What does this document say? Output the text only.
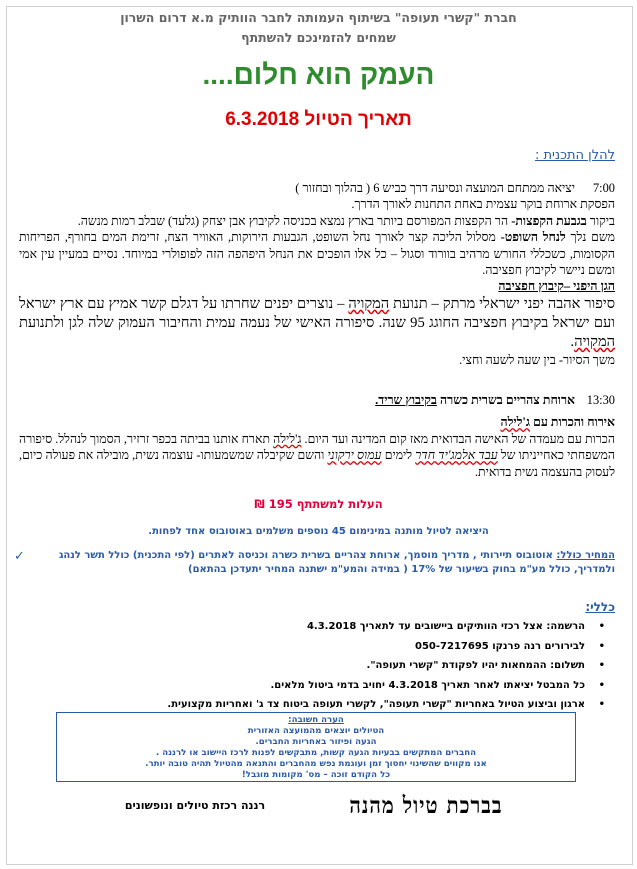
חברת "קשרי תעופה" בשיתוף העמותה לחבר הוותיק מ.א דרום השרון
שמחים להזמינכם להשתתף
העמק הוא חלום....
תאריך הטיול 6.3.2018
להלן התכנית :

7:00
יציאה ממתחם המועצה ונסיעה דרך כביש 6 ( בהלוך ובחזור )

הפסקת ארוחת בוקר עצמית באחת התחנות לאורך הדרך.

ביקור בגבעת הקפצות- הר הקפצות המפורסם ביותר בארץ נמצא בכניסה לקיבוץ אבן יצחק (גלעד) שבלב רמות מנשה.

משם נלך לנחל השופט- מסלול הליכה קצר לאורך נחל השופט, הגבעות הירוקות, האוויר הצח, זרימת המים בחורף, הפריחות הקסומות, כשכללי החורש מרהיב בוורוד וסגול – כל אלו הופכים את הנחל היפהפה הזה לפופולרי במיוחד. נסיים במעיין עין אמי ומשם ניישר לקיבוץ חפציבה.

הגן היפני –קיבוץ חפציבה

סיפור אהבה יפני ישראלי מרתק – תנועת המקויה – נוצרים יפנים שחרתו על דגלם קשר אמיץ עם ארץ ישראל ועם ישראל בקיבוץ חפציבה החוגג 95 שנה. סיפורה האישי של נעמה עמית והחיבור העמוק שלה לגן ולתנועת המקויה.

משך הסיור- בין שעה לשעה וחצי.

13:30
ארוחת צהריים בשרית כשרה בקיבוץ שריד.

אירוח והכרות עם ג'לילה

הכרות עם מעמדה של האישה הבדואית מאז קום המדינה ועד היום. ג'לילה תארח אותנו בביתה בכפר זרזיר, הסמוך לנהלל. סיפורה המשפחתי כאחייניתו של עבד אלמג'יד חדר לימים עמוס ירקוני והשם שקיבלה שמשמעותו- עוצמה נשית, מובילה את פעולה כיום, לעסוק בהעצמה נשית בדואית.

העלות למשתתף 195 ₪
היציאה לטיול מותנה במינימום 45 נוספים משלמים באוטובוס אחד לפחות.
✓	המחיר כולל: אוטובוס תיירותי , מדריך מוסמך, ארוחת צהריים בשרית כשרה וכניסה לאתרים (לפי התכנית) כולל תשר לנהג ולמדריך, כולל מע"מ בחוק בשיעור של 17% ( במידה והמע"מ ישתנה המחיר יתעדכן בהתאם)
כללי:
• הרשמה: אצל רכזי הוותיקים ביישובים עד לתאריך 4.3.2018
• לבירורים רנה פרנקו 050-7217695
• תשלום: ההמחאות יהיו לפקודת "קשרי תעופה".
• כל המבטל יציאתו לאחר תאריך 4.3.2018 יחויב בדמי ביטול מלאים.
• ארגון וביצוע הטיול באחריות "קשרי תעופה", לקשרי תעופה ביטוח צד ג' ואחריות מקצועית.
הערה חשובה:
הטיולים יוצאים מהמועצה האזורית
הגעה ופיזור באחריות החברים.
החברים המתקשים בבעיות הגעה קשות, מתבקשים לפנות לרכז היישוב או לרננה .
אנו מקווים שהשינוי יחסוך זמן ועוגמת נפש מהחברים והתנאה מהטיול תהיה טובה יותר.
כל הקודם זוכה – מס' מקומות מוגבל!
בברכת טיול מהנה
רננה רכזת טיולים ונופשונים
